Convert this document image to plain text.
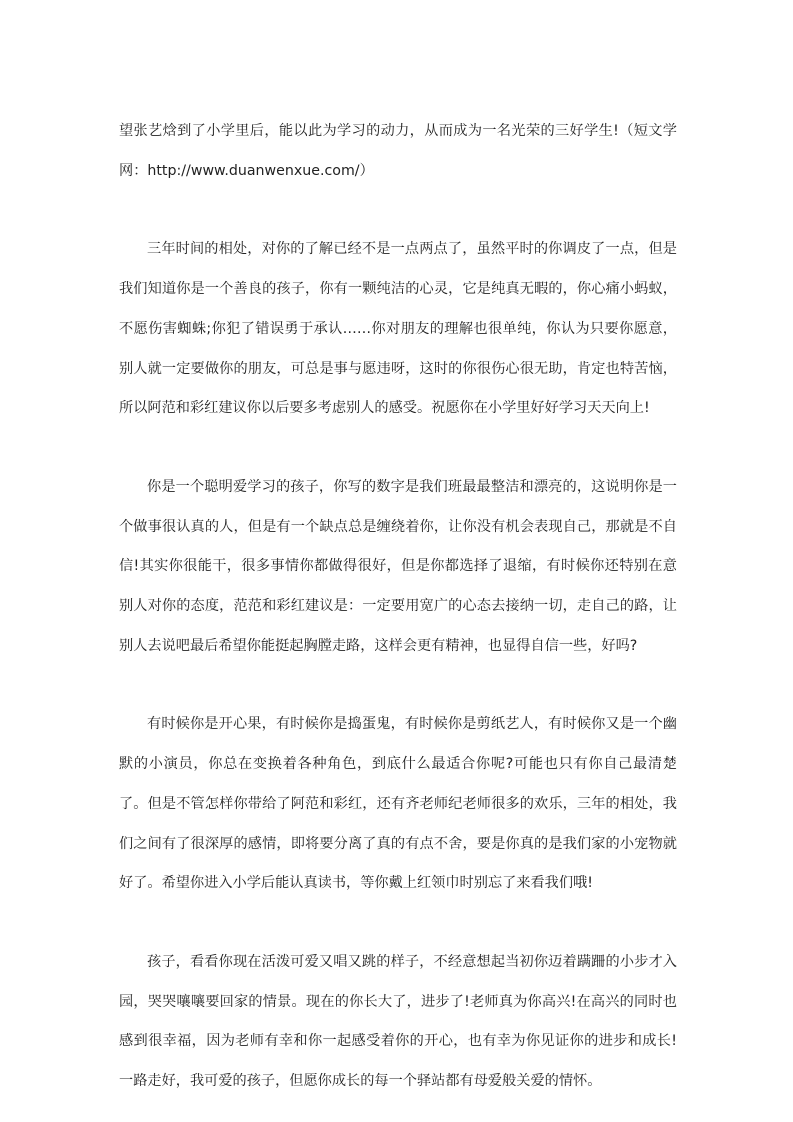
望张艺焓到了小学里后，能以此为学习的动力，从而成为一名光荣的三好学生!（短文学网：http://www.duanwenxue.com/）

三年时间的相处，对你的了解已经不是一点两点了，虽然平时的你调皮了一点，但是我们知道你是一个善良的孩子，你有一颗纯洁的心灵，它是纯真无暇的，你心痛小蚂蚁，不愿伤害蜘蛛;你犯了错误勇于承认……你对朋友的理解也很单纯，你认为只要你愿意，别人就一定要做你的朋友，可总是事与愿违呀，这时的你很伤心很无助，肯定也特苦恼，所以阿范和彩红建议你以后要多考虑别人的感受。祝愿你在小学里好好学习天天向上!

你是一个聪明爱学习的孩子，你写的数字是我们班最最整洁和漂亮的，这说明你是一个做事很认真的人，但是有一个缺点总是缠绕着你，让你没有机会表现自己，那就是不自信!其实你很能干，很多事情你都做得很好，但是你都选择了退缩，有时候你还特别在意别人对你的态度，范范和彩红建议是：一定要用宽广的心态去接纳一切，走自己的路，让别人去说吧最后希望你能挺起胸膛走路，这样会更有精神，也显得自信一些，好吗?

有时候你是开心果，有时候你是捣蛋鬼，有时候你是剪纸艺人，有时候你又是一个幽默的小演员，你总在变换着各种角色，到底什么最适合你呢?可能也只有你自己最清楚了。但是不管怎样你带给了阿范和彩红，还有齐老师纪老师很多的欢乐，三年的相处，我们之间有了很深厚的感情，即将要分离了真的有点不舍，要是你真的是我们家的小宠物就好了。希望你进入小学后能认真读书，等你戴上红领巾时别忘了来看我们哦!

孩子，看看你现在活泼可爱又唱又跳的样子，不经意想起当初你迈着蹒跚的小步才入园，哭哭嚷嚷要回家的情景。现在的你长大了，进步了!老师真为你高兴!在高兴的同时也感到很幸福，因为老师有幸和你一起感受着你的开心，也有幸为你见证你的进步和成长!一路走好，我可爱的孩子，但愿你成长的每一个驿站都有母爱般关爱的情怀。
